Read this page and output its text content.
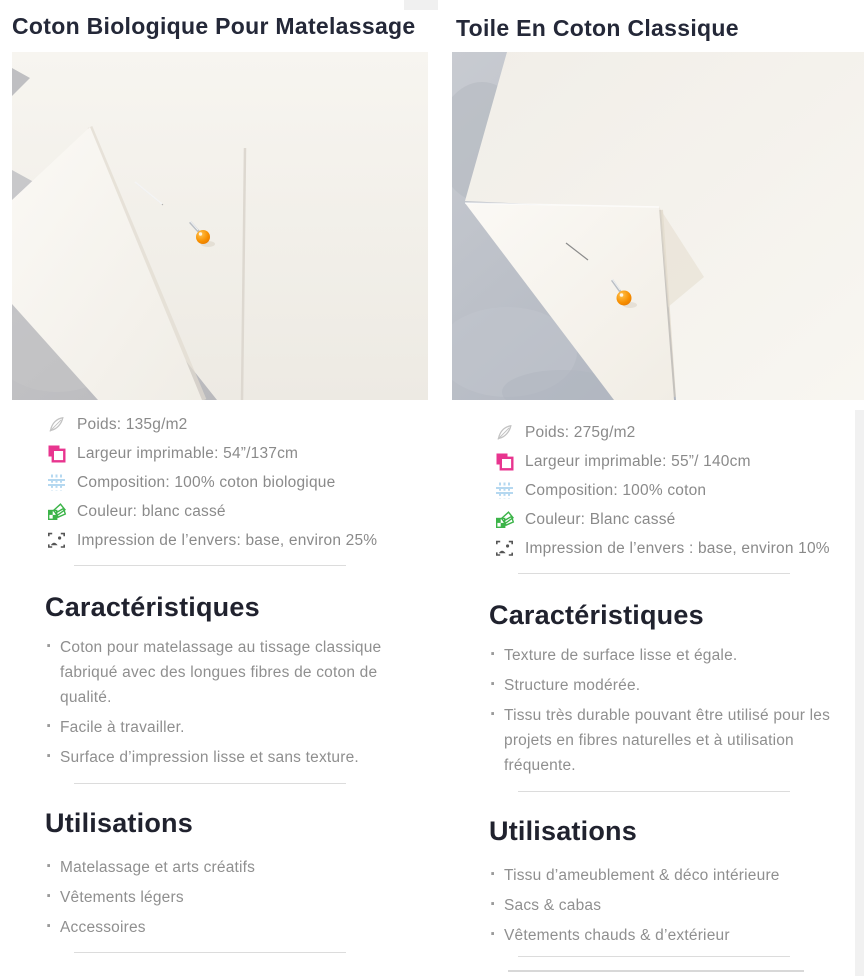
Coton Biologique Pour Matelassage	Toile En Coton Classique
Poids: 135g/m2
Largeur imprimable: 54”/137cm
Composition: 100% coton biologique
Couleur: blanc cassé
Impression de l’envers: base, environ 25%
Caractéristiques
· Coton pour matelassage au tissage classique fabriqué avec des longues fibres de coton de qualité.
· Facile à travailler.
· Surface d’impression lisse et sans texture.
Utilisations
· Matelassage et arts créatifs
· Vêtements légers
· Accessoires
Poids: 275g/m2
Largeur imprimable: 55”/ 140cm
Composition: 100% coton
Couleur: Blanc cassé
Impression de l’envers : base, environ 10%
Caractéristiques
· Texture de surface lisse et égale.
· Structure modérée.
· Tissu très durable pouvant être utilisé pour les projets en fibres naturelles et à utilisation fréquente.
Utilisations
· Tissu d’ameublement & déco intérieure
· Sacs & cabas
· Vêtements chauds & d’extérieur
